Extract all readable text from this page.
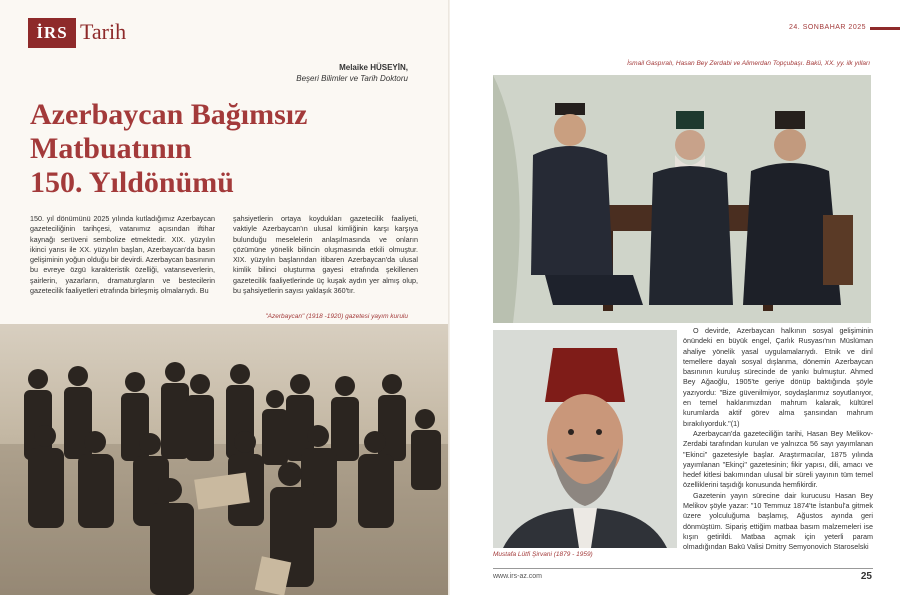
İRS Tarih
Melaike HÜSEYİN,
Beşeri Bilimler ve Tarih Doktoru
Azerbaycan Bağımsız
Matbuatının
150. Yıldönümü
150. yıl dönümünü 2025 yılında kutladığımız Azerbaycan gazeteciliğinin tarihçesi, vatanımız açısından iftihar kaynağı serüveni sembolize etmektedir. XIX. yüzyılın ikinci yarısı ile XX. yüzyılın başları, Azerbaycan'da basın gelişiminin yoğun olduğu bir devirdi. Azerbaycan basınının bu evreye özgü karakteristik özelliği, vatanseverlerin, şairlerin, yazarların, dramaturgların ve bestecilerin gazetecilik faaliyetleri etrafında birleşmiş olmalarıydı. Bu
şahsiyetlerin ortaya koydukları gazetecilik faaliyeti, vaktiyle Azerbaycan'ın ulusal kimliğinin karşı karşıya bulunduğu meselelerin anlaşılmasında ve onların çözümüne yönelik bilincin oluşmasında etkili olmuştur. XIX. yüzyılın başlarından itibaren Azerbaycan'da ulusal kimlik bilinci oluşturma gayesi etrafında şekillenen gazetecilik faaliyetlerinde üç kuşak aydın yer almış olup, bu şahsiyetlerin sayısı yaklaşık 360'tır.
"Azerbaycan" (1918 -1920) gazetesi yayım kurulu
24. SONBAHAR 2025
İsmail Gaspıralı, Hasan Bey Zerdabi ve Alimerdan Topçubaşı. Bakü, XX. yy. ilk yılları
Mustafa Lütfi Şirvani (1879 - 1959)

O devirde, Azerbaycan halkının sosyal gelişiminin önündeki en büyük engel, Çarlık Rusyası'nın Müslüman ahaliye yönelik yasal uygulamalarıydı. Etnik ve dinî temellere dayalı sosyal dışlanma, dönemin Azerbaycan basınının kuruluş sürecinde de yankı bulmuştur. Ahmed Bey Ağaoğlu, 1905'te geriye dönüp baktığında şöyle yazıyordu: "Bize güvenilmiyor, soydaşlarımız soyutlanıyor, en temel haklarımızdan mahrum kalarak, kültürel kurumlarda aktif görev alma şansından mahrum bırakılıyorduk."(1)

Azerbaycan'da gazeteciliğin tarihi, Hasan Bey Melikov-Zerdabi tarafından kurulan ve yalnızca 56 sayı yayımlanan "Ekinci" gazetesiyle başlar. Araştırmacılar, 1875 yılında yayımlanan "Ekinçi" gazetesinin; fikir yapısı, dili, amacı ve hedef kitlesi bakımından ulusal bir süreli yayının tüm temel özelliklerini taşıdığı konusunda hemfikirdir.

Gazetenin yayın sürecine dair kurucusu Hasan Bey Melikov şöyle yazar: "10 Temmuz 1874'te İstanbul'a gitmek üzere yolculuğuma başlamış, Ağustos ayında geri dönmüştüm. Sipariş ettiğim matbaa basım malzemeleri ise kışın getirildi. Matbaa açmak için yeterli param olmadığından Bakü Valisi Dmitry Semyonovich Staroselski

www.irs-az.com	25
